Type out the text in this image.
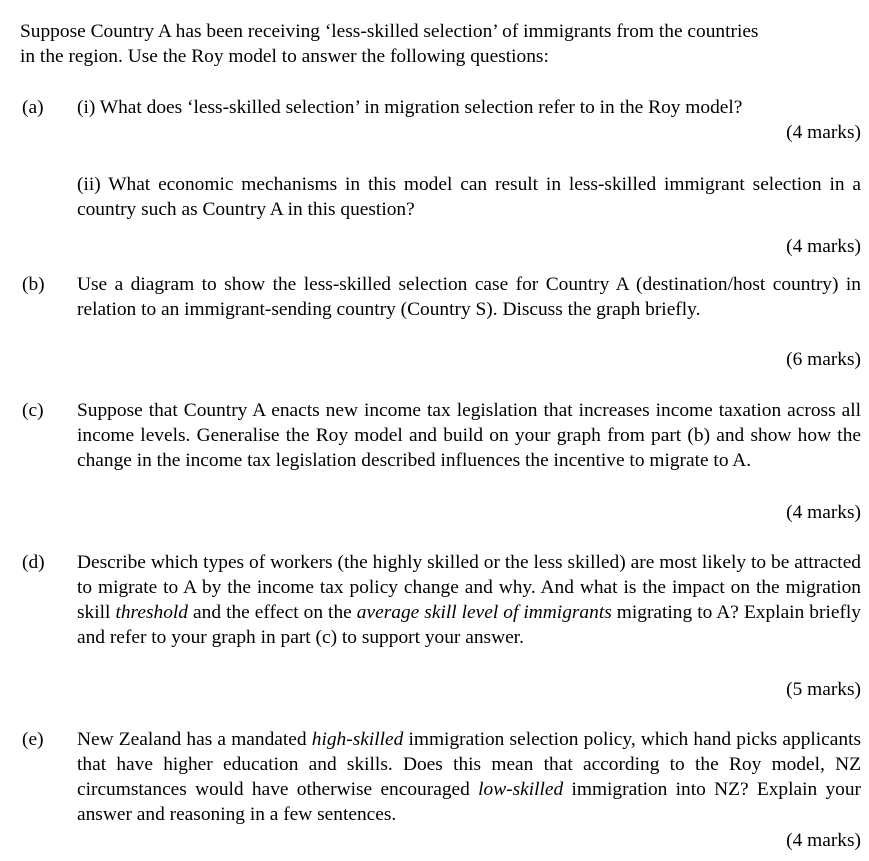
Suppose Country A has been receiving ‘less-skilled selection’ of immigrants from the countries
in the region. Use the Roy model to answer the following questions:
(a)	(i) What does ‘less-skilled selection’ in migration selection refer to in the Roy model?
(4 marks)
(ii) What economic mechanisms in this model can result in less-skilled immigrant selection in a country such as Country A in this question?
(4 marks)
(b)	Use a diagram to show the less-skilled selection case for Country A (destination/host country) in relation to an immigrant-sending country (Country S). Discuss the graph briefly.
(6 marks)
(c)	Suppose that Country A enacts new income tax legislation that increases income taxation across all income levels. Generalise the Roy model and build on your graph from part (b) and show how the change in the income tax legislation described influences the incentive to migrate to A.
(4 marks)
(d)	Describe which types of workers (the highly skilled or the less skilled) are most likely to be attracted to migrate to A by the income tax policy change and why. And what is the impact on the migration skill threshold and the effect on the average skill level of immigrants migrating to A? Explain briefly and refer to your graph in part (c) to support your answer.
(5 marks)
(e)	New Zealand has a mandated high-skilled immigration selection policy, which hand picks applicants that have higher education and skills. Does this mean that according to the Roy model, NZ circumstances would have otherwise encouraged low-skilled immigration into NZ? Explain your answer and reasoning in a few sentences.
(4 marks)
